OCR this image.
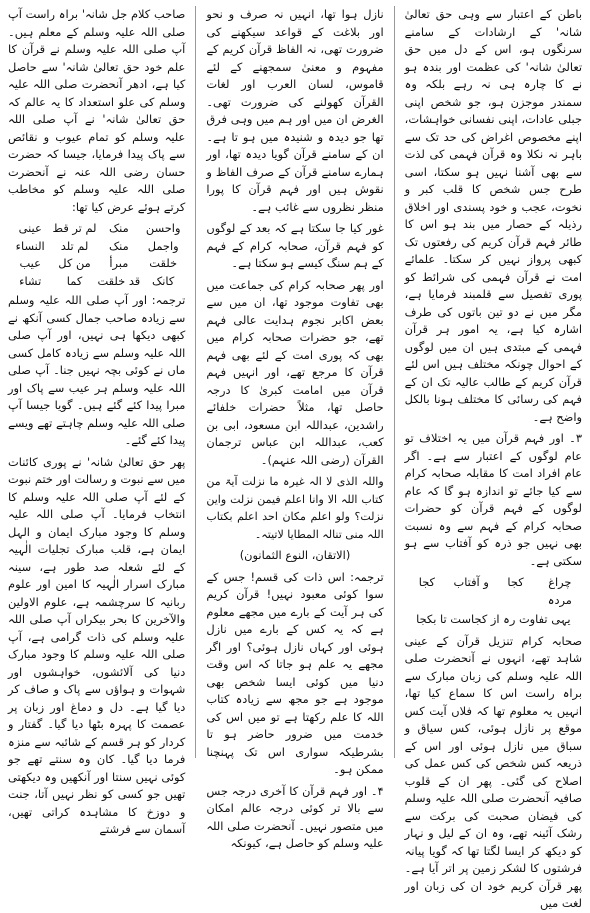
باطن کے اعتبار سے وہی حق تعالیٰ شانہ' کے ارشادات کے سامنے سرنگوں ہو، اس کے دل میں حق تعالیٰ شانہ' کی عظمت اور بندہ ہو نے کا چارہ ہی نہ رہے بلکہ وہ سمندر موجزن ہو، جو شخص اپنی جبلی عادات، اپنی نفسانی خواہشات، اپنے مخصوص اغراض کی حد تک سے باہر نہ نکلا وہ قرآن فہمی کی لذت سے بھی آشنا نہیں ہو سکتا، اسی طرح جس شخص کا قلب کبر و نخوت، عجب و خود پسندی اور اخلاق رذیلہ کے حصار میں بند ہو اس کا طائر فہم قرآن کریم کی رفعتوں تک کبھی پرواز نہیں کر سکتا۔ علمائے امت نے قرآن فہمی کی شرائط کو پوری تفصیل سے قلمبند فرمایا ہے، مگر میں نے دو تین باتوں کی طرف اشارہ کیا ہے، یہ امور ہر قرآن فہمی کے مبتدی ہیں ان میں لوگوں کے احوال چونکہ مختلف ہیں اس لئے قرآن کریم کے طالب عالیہ تک ان کے فہم کی رسائی کا مختلف ہونا بالکل واضح ہے۔

۳۔ اور فہم قرآن میں یہ اختلاف تو عام لوگوں کے اعتبار سے ہے۔ اگر عام افراد امت کا مقابلہ صحابہ کرام سے کیا جائے تو اندازہ ہو گا کہ عام لوگوں کے فہم قرآن کو حضرات صحابہ کرام کے فہم سے وہ نسبت بھی نہیں جو ذرہ کو آفتاب سے ہو سکتی ہے۔

چراغ مردہ
کجا
و آفتاب
کجا

یہی تفاوت رہ از کجاست تا بکجا

صحابہ کرام تنزیل قرآن کے عینی شاہد تھے، انہوں نے آنحضرت صلی اللہ علیہ وسلم کی زبان مبارک سے براہ راست اس کا سماع کیا تھا، انہیں یہ معلوم تھا کہ فلاں آیت کس موقع پر نازل ہوئی، کس سیاق و سباق میں نازل ہوئی اور اس کے ذریعہ کس شخص کی کس عمل کی اصلاح کی گئی۔ پھر ان کے قلوب صافیہ آنحضرت صلی اللہ علیہ وسلم کی فیضان صحبت کی برکت سے رشک آئینہ تھے، وہ ان کے لیل و نہار کو دیکھ کر ایسا لگتا تھا کہ گویا پیانہ فرشتوں کا لشکر زمین پر اتر آیا ہے۔ پھر قرآن کریم خود ان کی زبان اور لغت میں

نازل ہوا تھا، انہیں نہ صرف و نحو اور بلاغت کے قواعد سیکھنے کی ضرورت تھی، نہ الفاظ قرآن کریم کے مفہوم و معنیٰ سمجھنے کے لئے قاموس، لسان العرب اور لغات القرآن کھولنے کی ضرورت تھی۔ الغرض ان میں اور ہم میں وہی فرق تھا جو دیدہ و شنیدہ میں ہو تا ہے۔ ان کے سامنے قرآن گویا دیدہ تھا، اور ہمارے سامنے قرآن کے صرف الفاظ و نقوش ہیں اور فہم قرآن کا پورا منظر نظروں سے غائب ہے۔

غور کیا جا سکتا ہے کہ بعد کے لوگوں کو فہم قرآن، صحابہ کرام کے فہم کے ہم سنگ کیسے ہو سکتا ہے۔

اور پھر صحابہ کرام کی جماعت میں بھی تفاوت موجود تھا، ان میں سے بعض اکابر نجوم ہدایت عالی فہم تھے، جو حضرات صحابہ کرام میں بھی کہ پوری امت کے لئے بھی فہم قرآن کا مرجع تھے، اور انہیں فہم قرآن میں امامت کبریٰ کا درجہ حاصل تھا، مثلاً حضرات خلفائے راشدین، عبداللہ ابن مسعود، ابی بن کعب، عبداللہ ابن عباس ترجمان القرآن (رضی اللہ عنہم)۔

واللہ الذی لا الہ غیرہ ما نزلت آیۃ من کتاب اللہ الا وانا اعلم فیمن نزلت واین نزلت؟ ولو اعلم مکان احد اعلم بکتاب اللہ منی تنالہ المطایا لاتیتہ۔

(الاتقان، النوع الثمانون)

ترجمہ: اس ذات کی قسم! جس کے سوا کوئی معبود نہیں! قرآن کریم کی ہر آیت کے بارے میں مجھے معلوم ہے کہ یہ کس کے بارے میں نازل ہوئی اور کہاں نازل ہوئی؟ اور اگر مجھے یہ علم ہو جاتا کہ اس وقت دنیا میں کوئی ایسا شخص بھی موجود ہے جو مجھ سے زیادہ کتاب اللہ کا علم رکھتا ہے تو میں اس کی خدمت میں ضرور حاضر ہو تا بشرطیکہ سواری اس تک پہنچنا ممکن ہو۔

۴۔ اور فہم قرآن کا آخری درجہ جس سے بالا تر کوئی درجہ عالم امکان میں متصور نہیں۔ آنحضرت صلی اللہ علیہ وسلم کو حاصل ہے، کیونکہ

صاحب کلام جل شانہ' براہ راست آپ صلی اللہ علیہ وسلم کے معلم ہیں۔ آپ صلی اللہ علیہ وسلم نے قرآن کا علم خود حق تعالیٰ شانہ' سے حاصل کیا ہے، ادھر آنحضرت صلی اللہ علیہ وسلم کی علو استعداد کا یہ عالم کہ حق تعالیٰ شانہ' نے آپ صلی اللہ علیہ وسلم کو تمام عیوب و نقائص سے پاک پیدا فرمایا، جیسا کہ حضرت حسان رضی اللہ عنہ نے آنحضرت صلی اللہ علیہ وسلم کو مخاطب کرتے ہوئے عرض کیا تھا:

واحسن
منک
لم تر قط
عینی
واجمل
منک
لم تلد
النساء
خلقت
مبرأ
من کل
عیب
کانک
قد خلقت
کما
تشاء

ترجمہ: اور آپ صلی اللہ علیہ وسلم سے زیادہ صاحب جمال کسی آنکھ نے کبھی دیکھا ہی نہیں، اور آپ صلی اللہ علیہ وسلم سے زیادہ کامل کسی ماں نے کوئی بچہ نہیں جنا۔ آپ صلی اللہ علیہ وسلم ہر عیب سے پاک اور مبرا پیدا کئے گئے ہیں۔ گویا جیسا آپ صلی اللہ علیہ وسلم چاہتے تھے ویسے پیدا کئے گئے۔

پھر حق تعالیٰ شانہ' نے پوری کائنات میں سے نبوت و رسالت اور ختم نبوت کے لئے آپ صلی اللہ علیہ وسلم کا انتخاب فرمایا۔ آپ صلی اللہ علیہ وسلم کا وجود مبارک ایمان و الہل ایمان ہے، قلب مبارک تجلیات الٰہیہ کے لئے شعلہ صد طور ہے، سینہ مبارک اسرار الٰہیہ کا امین اور علوم ربانیہ کا سرچشمہ ہے، علوم الاولین والآخرین کا بحر بیکراں آپ صلی اللہ علیہ وسلم کی ذات گرامی ہے، آپ صلی اللہ علیہ وسلم کا وجود مبارک دنیا کی آلائشوں، خواہشوں اور شہوات و ہواؤں سے پاک و صاف کر دیا گیا ہے۔ دل و دماغ اور زبان پر عصمت کا پہرہ بٹھا دیا گیا۔ گفتار و کردار کو ہر قسم کے شائبہ سے منزہ فرما دیا گیا۔ کان وہ سنتے تھے جو کوئی نہیں سنتا اور آنکھیں وہ دیکھتی تھیں جو کسی کو نظر نہیں آتا، جنت و دوزخ کا مشاہدہ کراتی تھیں، آسمان سے فرشتے
